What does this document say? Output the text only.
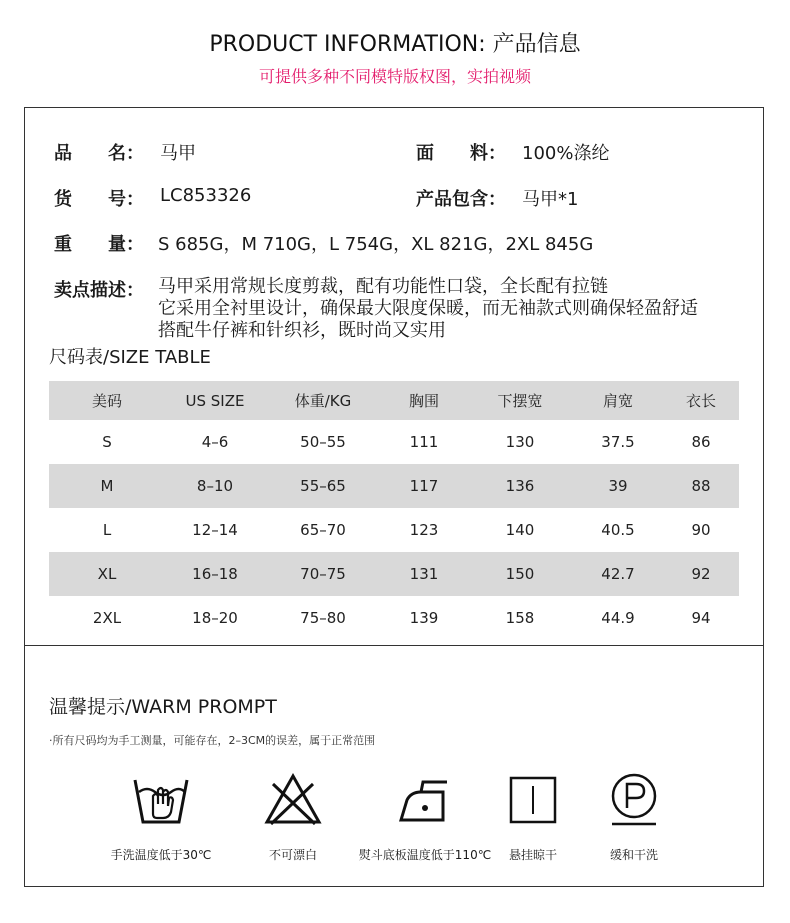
PRODUCT INFORMATION: 产品信息
可提供多种不同模特版权图，实拍视频
品　　名： 马甲	面　　料： 100%涤纶
货　　号： LC853326	产品包含： 马甲*1
重　　量： S 685G，M 710G，L 754G，XL 821G，2XL 845G
卖点描述： 马甲采用常规长度剪裁，配有功能性口袋，全长配有拉链
它采用全衬里设计，确保最大限度保暖，而无袖款式则确保轻盈舒适
搭配牛仔裤和针织衫，既时尚又实用
尺码表/SIZE TABLE
美码	US SIZE	体重/KG	胸围	下摆宽	肩宽	衣长
S	4–6	50–55	111	130	37.5	86
M	8–10	55–65	117	136	39	88
L	12–14	65–70	123	140	40.5	90
XL	16–18	70–75	131	150	42.7	92
2XL	18–20	75–80	139	158	44.9	94
温馨提示/WARM PROMPT
·所有尺码均为手工测量，可能存在，2–3CM的误差，属于正常范围
手洗温度低于30℃	不可漂白	熨斗底板温度低于110℃	悬挂晾干	缓和干洗
